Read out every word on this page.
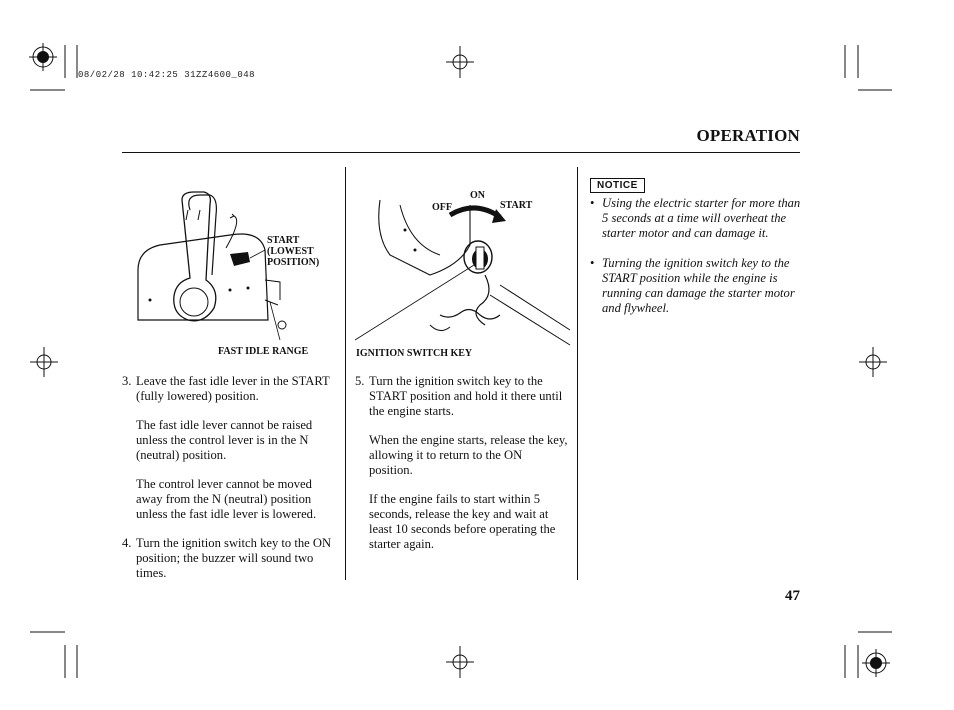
08/02/28 10:42:25 31ZZ4600_048
OPERATION
START
(LOWEST
POSITION)
FAST IDLE RANGE
ON
OFF	START
IGNITION SWITCH KEY
3. Leave the fast idle lever in the START (fully lowered) position.
The fast idle lever cannot be raised unless the control lever is in the N (neutral) position.
The control lever cannot be moved away from the N (neutral) position unless the fast idle lever is lowered.
4. Turn the ignition switch key to the ON position; the buzzer will sound two times.
5. Turn the ignition switch key to the START position and hold it there until the engine starts.
When the engine starts, release the key, allowing it to return to the ON position.
If the engine fails to start within 5 seconds, release the key and wait at least 10 seconds before operating the starter again.
NOTICE
• Using the electric starter for more than 5 seconds at a time will overheat the starter motor and can damage it.
• Turning the ignition switch key to the START position while the engine is running can damage the starter motor and flywheel.
47
